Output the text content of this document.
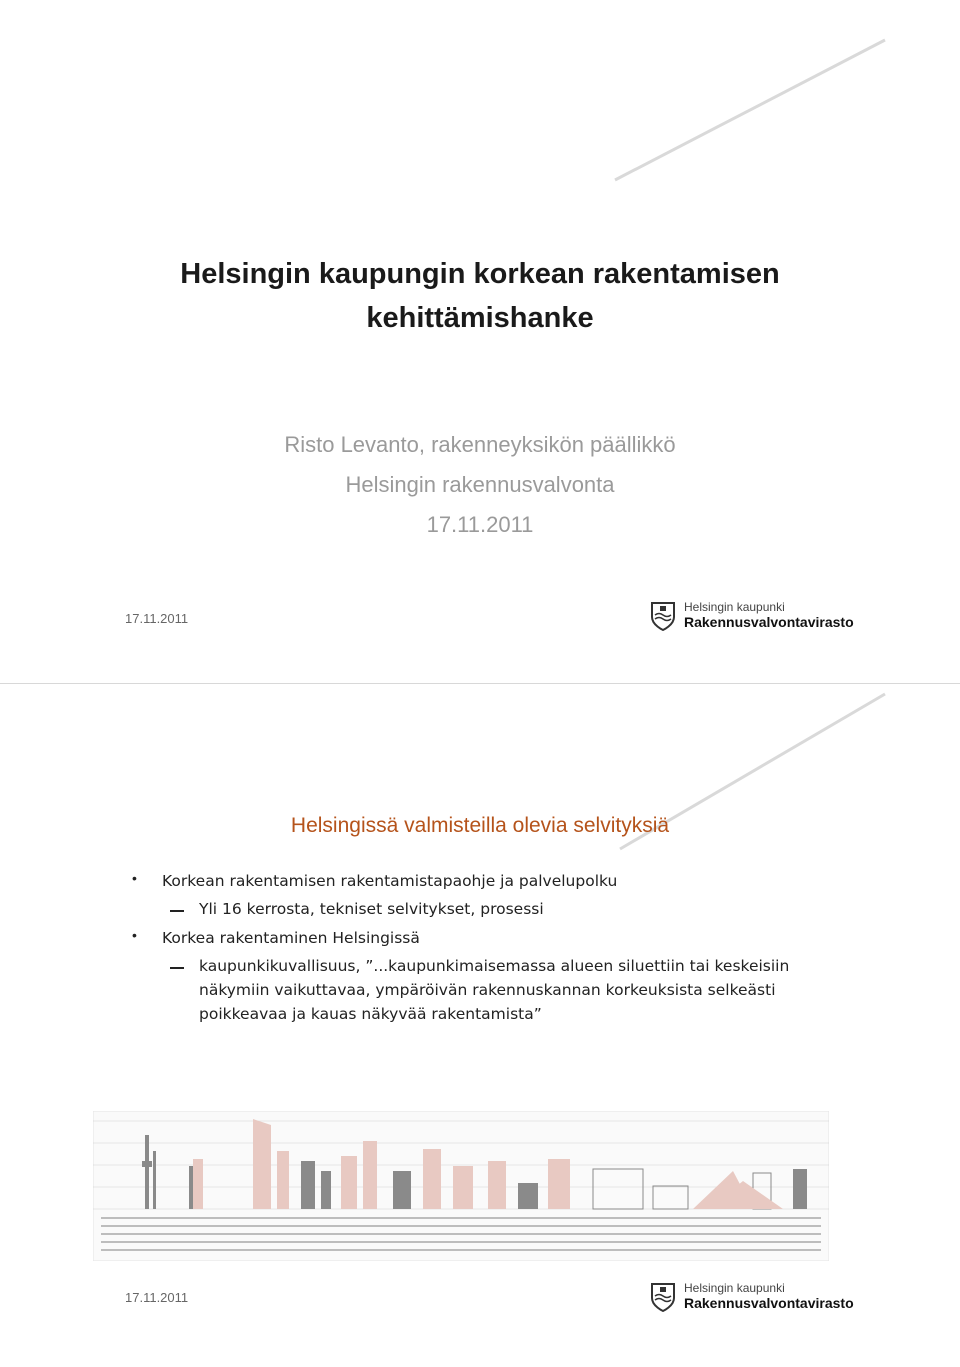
Helsingin kaupungin korkean rakentamisen
kehittämishanke
Risto Levanto, rakenneyksikön päällikkö
Helsingin rakennusvalvonta
17.11.2011
17.11.2011
Helsingin kaupunki
Rakennusvalvontavirasto
Helsingissä valmisteilla olevia selvityksiä
• Korkean rakentamisen rakentamistapaohje ja palvelupolku
Yli 16 kerrosta, tekniset selvitykset, prosessi
• Korkea rakentaminen Helsingissä
kaupunkikuvallisuus, ”...kaupunkimaisemassa alueen siluettiin tai keskeisiin
näkymiin vaikuttavaa, ympäröivän rakennuskannan korkeuksista selkeästi
poikkeavaa ja kauas näkyvää rakentamista”
17.11.2011
Helsingin kaupunki
Rakennusvalvontavirasto
